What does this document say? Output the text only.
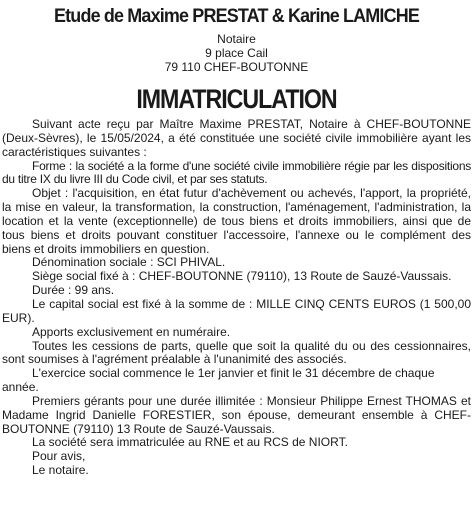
Etude de Maxime PRESTAT & Karine LAMICHE
Notaire
9 place Cail
79 110 CHEF-BOUTONNE
IMMATRICULATION

Suivant acte reçu par Maître Maxime PRESTAT, Notaire à CHEF-BOUTONNE (Deux-Sèvres), le 15/05/2024, a été constituée une société civile immobilière ayant les caractéristiques suivantes :

Forme : la société a la forme d'une société civile immobilière régie par les dispositions du titre IX du livre III du Code civil, et par ses statuts.

Objet : l'acquisition, en état futur d'achèvement ou achevés, l'apport, la propriété, la mise en valeur, la transformation, la construction, l'aménagement, l'administration, la location et la vente (exceptionnelle) de tous biens et droits immobiliers, ainsi que de tous biens et droits pouvant constituer l'accessoire, l'annexe ou le complément des biens et droits immobiliers en question.

Dénomination sociale : SCI PHIVAL.

Siège social fixé à : CHEF-BOUTONNE (79110), 13 Route de Sauzé-Vaussais.

Durée : 99 ans.

Le capital social est fixé à la somme de : MILLE CINQ CENTS EUROS (1 500,00 EUR).

Apports exclusivement en numéraire.

Toutes les cessions de parts, quelle que soit la qualité du ou des cessionnaires, sont soumises à l'agrément préalable à l'unanimité des associés.

L'exercice social commence le 1er janvier et finit le 31 décembre de chaque année.

Premiers gérants pour une durée illimitée : Monsieur Philippe Ernest THOMAS et Madame Ingrid Danielle FORESTIER, son épouse, demeurant ensemble à CHEF-BOUTONNE (79110) 13 Route de Sauzé-Vaussais.

La société sera immatriculée au RNE et au RCS de NIORT.

Pour avis,

Le notaire.
